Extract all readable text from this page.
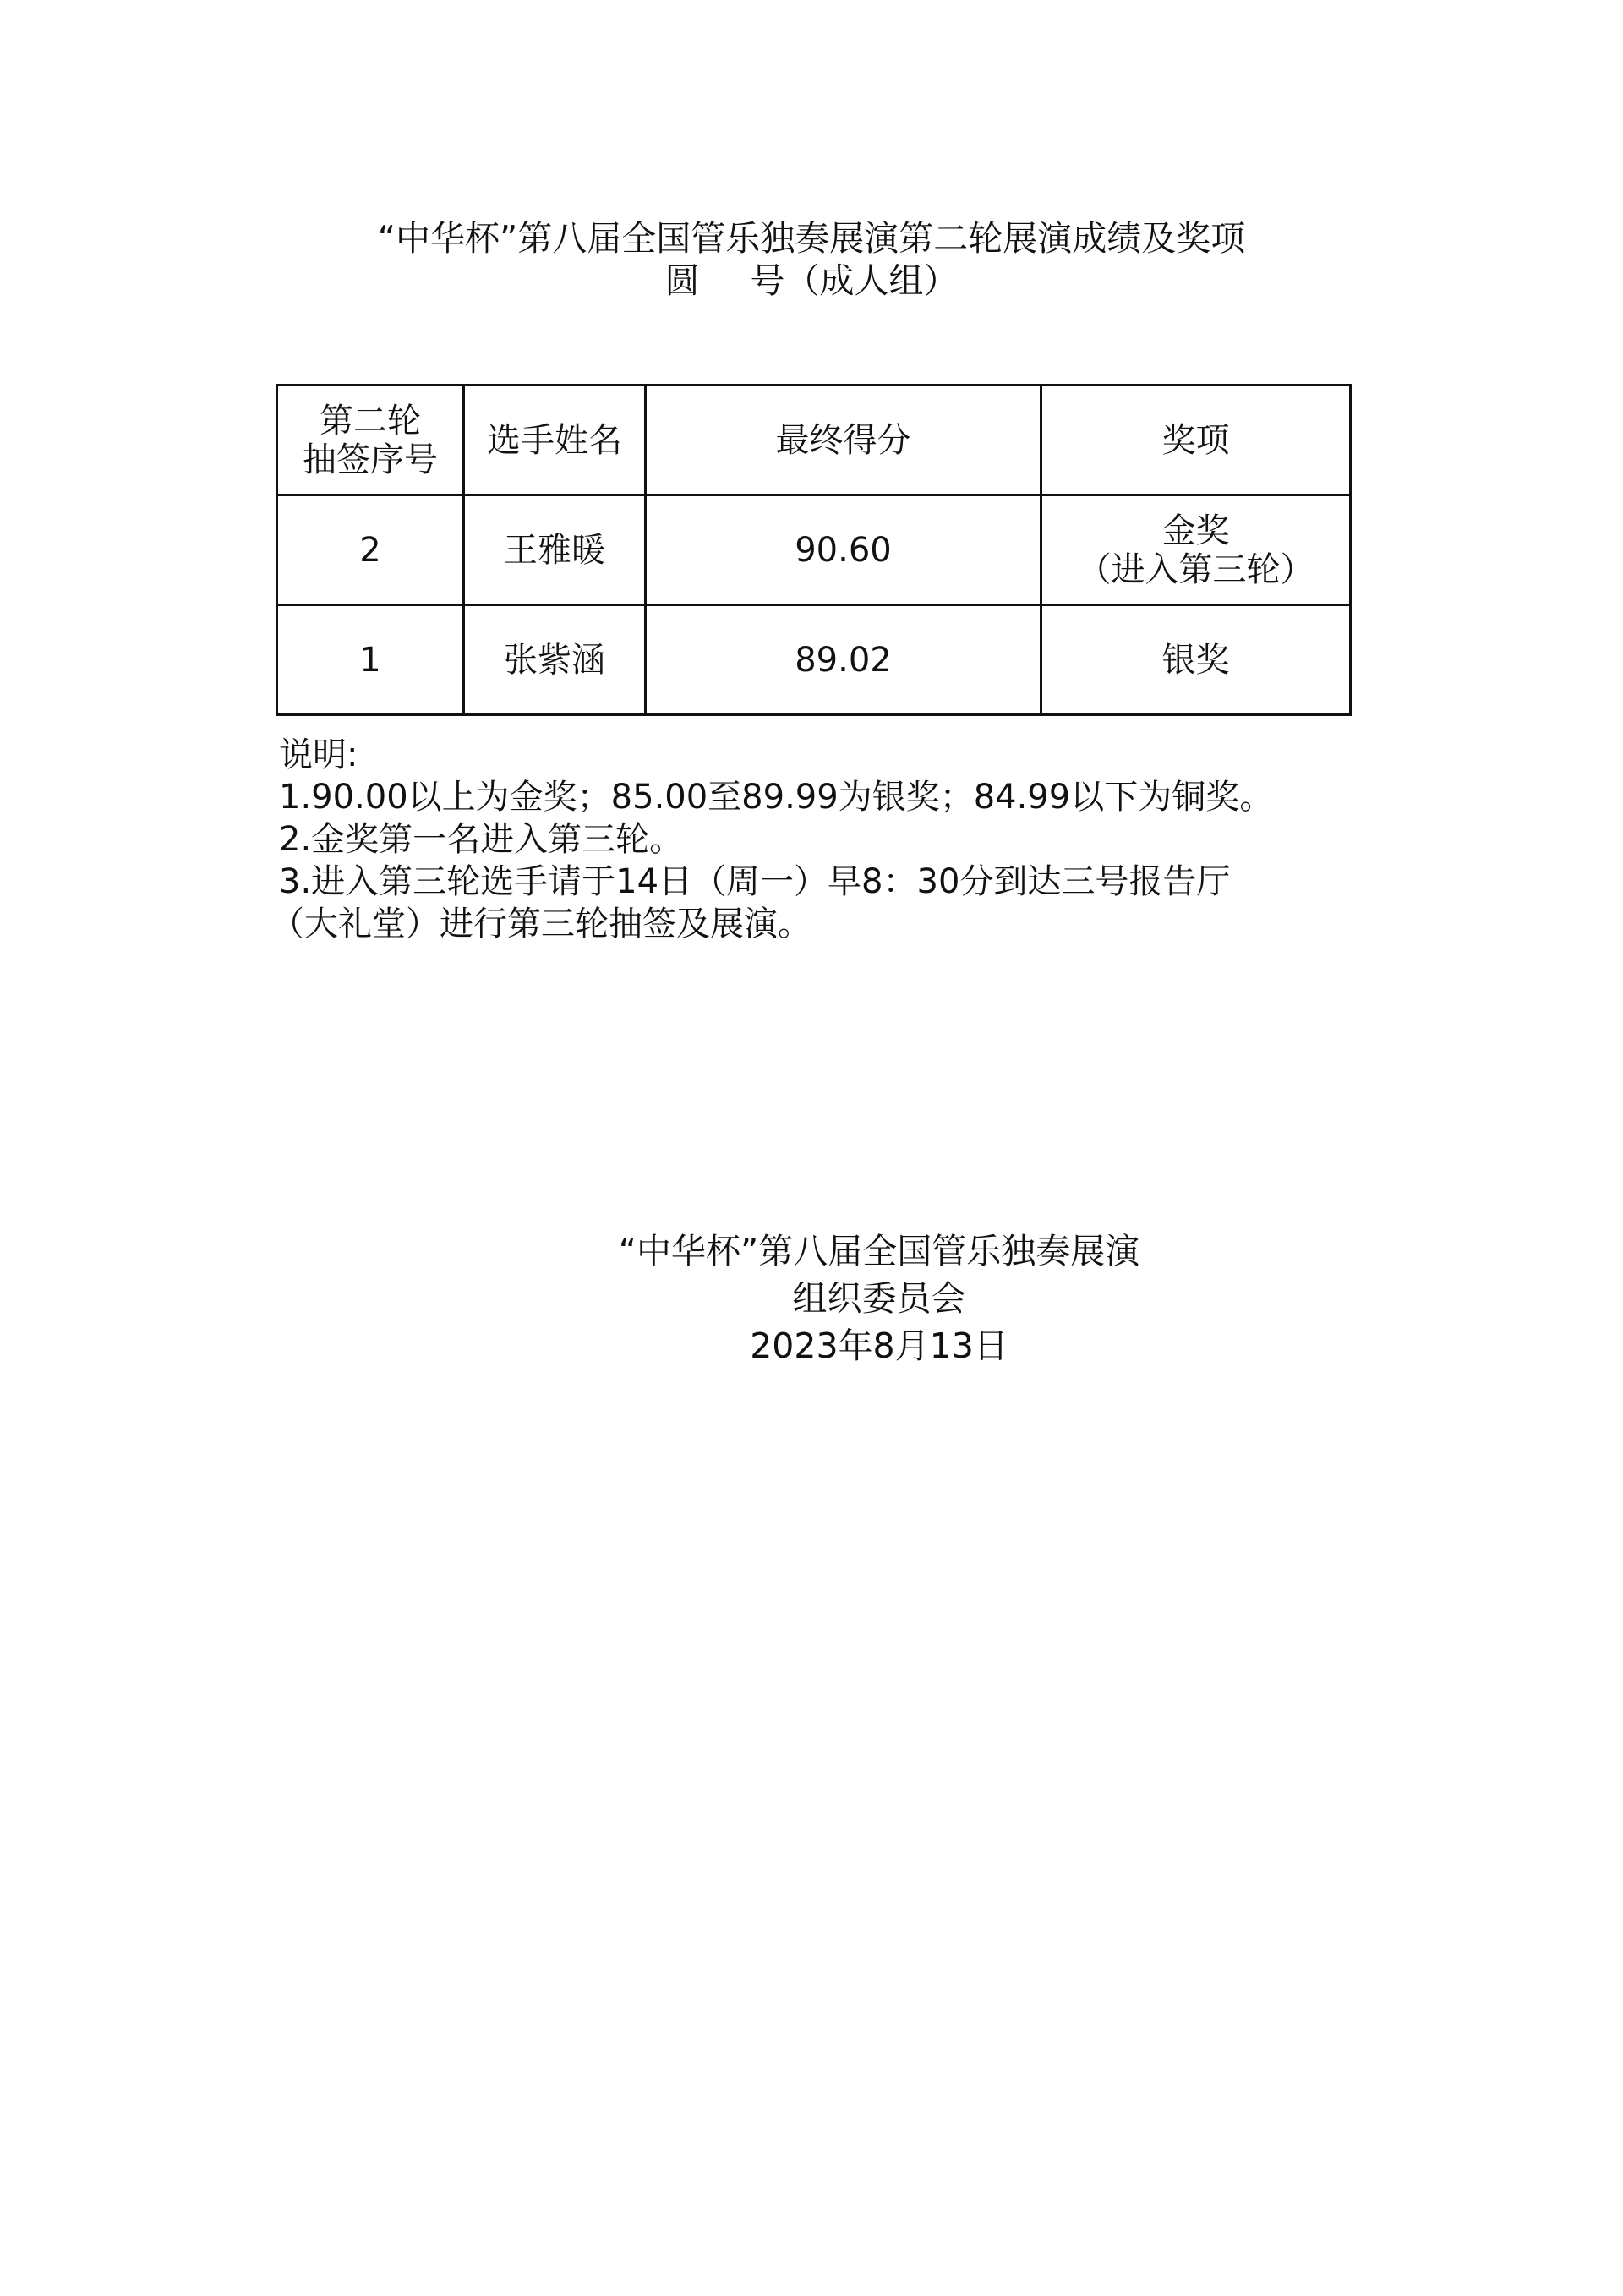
“中华杯”第八届全国管乐独奏展演第二轮展演成绩及奖项
圆 号（成人组）
第二轮
抽签序号	选手姓名	最终得分	奖项
2	王雅暖	90.60	金奖
（进入第三轮）

1	张紫涵	89.02	银奖
说明:
1.90.00以上为金奖；85.00至89.99为银奖；84.99以下为铜奖。
2.金奖第一名进入第三轮。
3.进入第三轮选手请于14日（周一）早8：30分到达三号报告厅
（大礼堂）进行第三轮抽签及展演。
“中华杯”第八届全国管乐独奏展演
组织委员会
2023年8月13日
